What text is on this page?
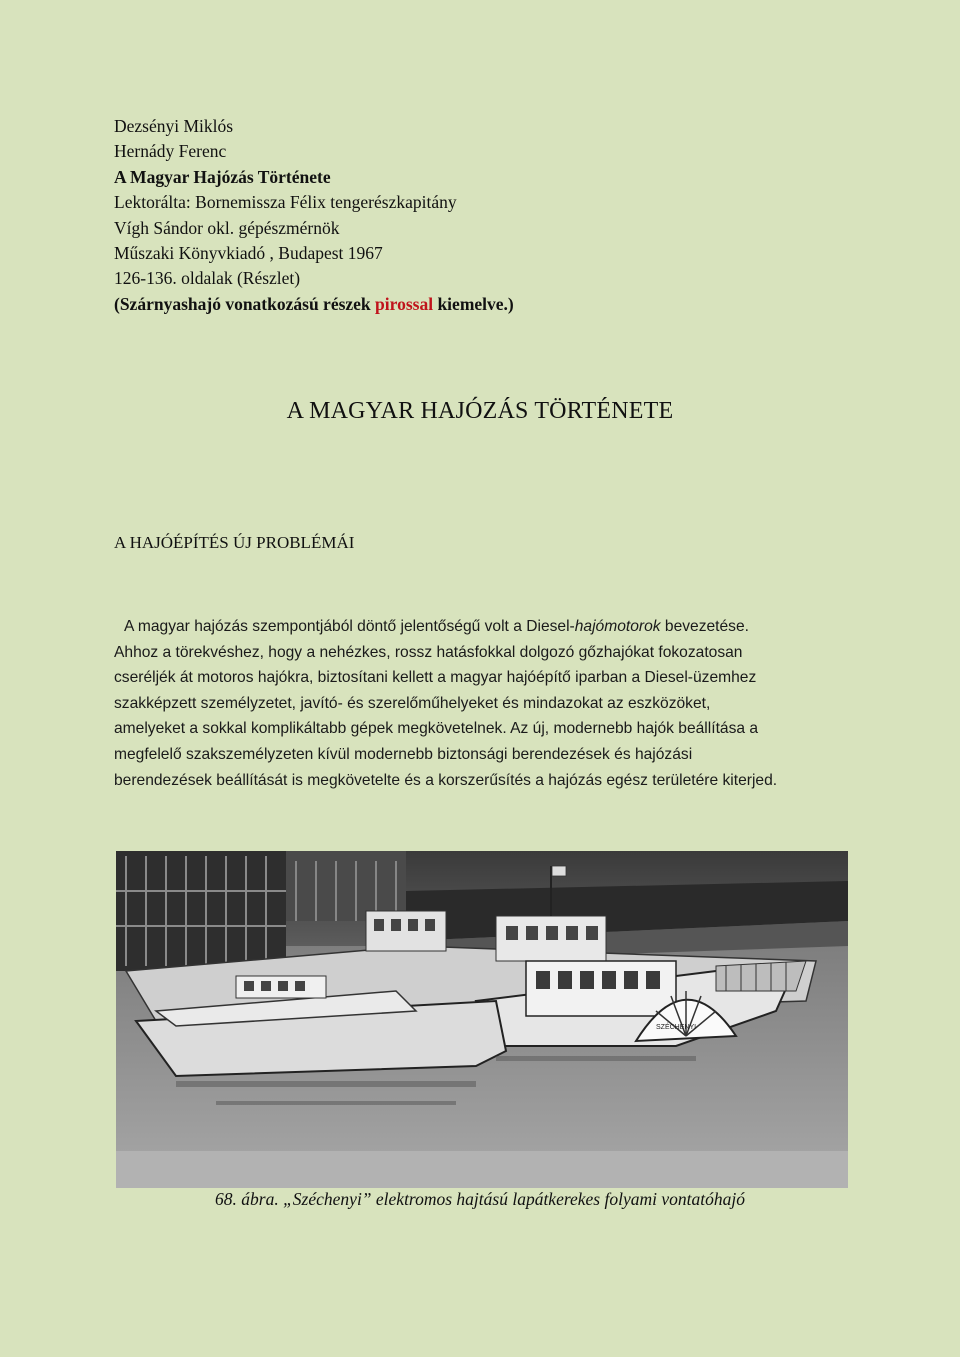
Dezsényi Miklós
Hernády Ferenc
A Magyar Hajózás Története
Lektorálta: Bornemissza Félix tengerészkapitány
Vígh Sándor okl. gépészmérnök
Műszaki Könyvkiadó , Budapest 1967
126-136. oldalak (Részlet)
(Szárnyashajó vonatkozású részek pirossal kiemelve.)
A MAGYAR HAJÓZÁS TÖRTÉNETE
A HAJÓÉPÍTÉS ÚJ PROBLÉMÁI
A magyar hajózás szempontjából döntő jelentőségű volt a Diesel-hajómotorok bevezetése.
Ahhoz a törekvéshez, hogy a nehézkes, rossz hatásfokkal dolgozó gőzhajókat fokozatosan
cseréljék át motoros hajókra, biztosítani kellett a magyar hajóépítő iparban a Diesel-üzemhez
szakképzett személyzetet, javító- és szerelőműhelyeket és mindazokat az eszközöket,
amelyeket a sokkal komplikáltabb gépek megkövetelnek. Az új, modernebb hajók beállítása a
megfelelő szakszemélyzeten kívül modernebb biztonsági berendezések és hajózási
berendezések beállítását is megkövetelte és a korszerűsítés a hajózás egész területére kiterjed.
SZÉCHENYI
68. ábra. „Széchenyi” elektromos hajtású lapátkerekes folyami vontatóhajó
